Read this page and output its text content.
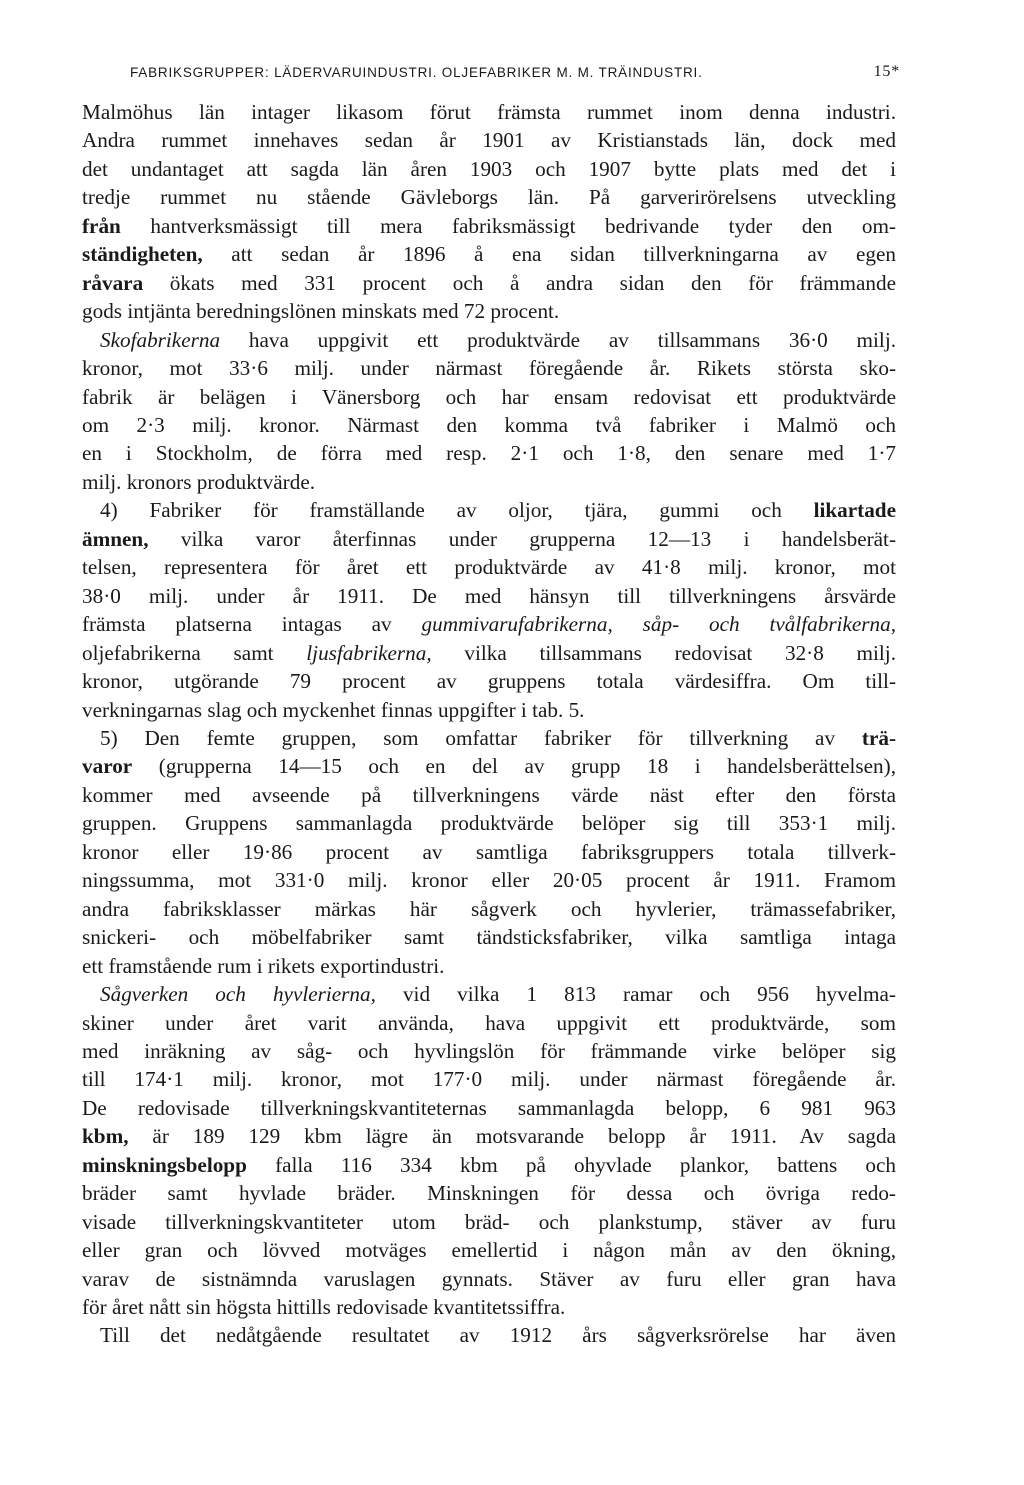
FABRIKSGRUPPER: LÄDERVARUINDUSTRI. OLJEFABRIKER M. M. TRÄINDUSTRI.	15*
Malmöhus län intager likasom förut främsta rummet inom denna industri.
Andra rummet innehaves sedan år 1901 av Kristianstads län, dock med
det undantaget att sagda län åren 1903 och 1907 bytte plats med det i
tredje rummet nu stående Gävleborgs län. På garverirörelsens utveckling
från hantverksmässigt till mera fabriksmässigt bedrivande tyder den om-
ständigheten, att sedan år 1896 å ena sidan tillverkningarna av egen
råvara ökats med 331 procent och å andra sidan den för främmande
gods intjänta beredningslönen minskats med 72 procent.
Skofabrikerna hava uppgivit ett produktvärde av tillsammans 36·0 milj.
kronor, mot 33·6 milj. under närmast föregående år. Rikets största sko-
fabrik är belägen i Vänersborg och har ensam redovisat ett produktvärde
om 2·3 milj. kronor. Närmast den komma två fabriker i Malmö och
en i Stockholm, de förra med resp. 2·1 och 1·8, den senare med 1·7
milj. kronors produktvärde.
4) Fabriker för framställande av oljor, tjära, gummi och likartade
ämnen, vilka varor återfinnas under grupperna 12—13 i handelsberät-
telsen, representera för året ett produktvärde av 41·8 milj. kronor, mot
38·0 milj. under år 1911. De med hänsyn till tillverkningens årsvärde
främsta platserna intagas av gummivarufabrikerna, såp- och tvålfabrikerna,
oljefabrikerna samt ljusfabrikerna, vilka tillsammans redovisat 32·8 milj.
kronor, utgörande 79 procent av gruppens totala värdesiffra. Om till-
verkningarnas slag och myckenhet finnas uppgifter i tab. 5.
5) Den femte gruppen, som omfattar fabriker för tillverkning av trä-
varor (grupperna 14—15 och en del av grupp 18 i handelsberättelsen),
kommer med avseende på tillverkningens värde näst efter den första
gruppen. Gruppens sammanlagda produktvärde belöper sig till 353·1 milj.
kronor eller 19·86 procent av samtliga fabriksgruppers totala tillverk-
ningssumma, mot 331·0 milj. kronor eller 20·05 procent år 1911. Framom
andra fabriksklasser märkas här sågverk och hyvlerier, trämassefabriker,
snickeri- och möbelfabriker samt tändsticksfabriker, vilka samtliga intaga
ett framstående rum i rikets exportindustri.
Sågverken och hyvlerierna, vid vilka 1 813 ramar och 956 hyvelma-
skiner under året varit använda, hava uppgivit ett produktvärde, som
med inräkning av såg- och hyvlingslön för främmande virke belöper sig
till 174·1 milj. kronor, mot 177·0 milj. under närmast föregående år.
De redovisade tillverkningskvantiteternas sammanlagda belopp, 6 981 963
kbm, är 189 129 kbm lägre än motsvarande belopp år 1911. Av sagda
minskningsbelopp falla 116 334 kbm på ohyvlade plankor, battens och
bräder samt hyvlade bräder. Minskningen för dessa och övriga redo-
visade tillverkningskvantiteter utom bräd- och plankstump, stäver av furu
eller gran och lövved motväges emellertid i någon mån av den ökning,
varav de sistnämnda varuslagen gynnats. Stäver av furu eller gran hava
för året nått sin högsta hittills redovisade kvantitetssiffra.
Till det nedåtgående resultatet av 1912 års sågverksrörelse har även
